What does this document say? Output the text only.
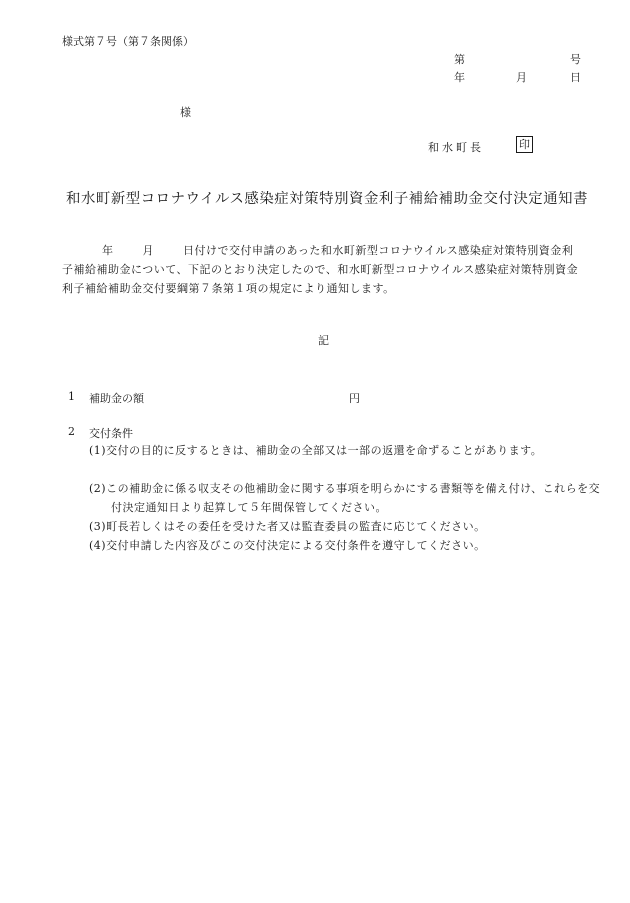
様式第７号（第７条関係）
第	号
年	月	日
様
和水町長	印
和水町新型コロナウイルス感染症対策特別資金利子補給補助金交付決定通知書
年	月	日付けで交付申請のあった和水町新型コロナウイルス感染症対策特別資金利子補給補助金について、下記のとおり決定したので、和水町新型コロナウイルス感染症対策特別資金利子補給補助金交付要綱第７条第１項の規定により通知します。
記
1 補助金の額	円
2 交付条件
(1)交付の目的に反するときは、補助金の全部又は一部の返還を命ずることがあります。
(2)この補助金に係る収支その他補助金に関する事項を明らかにする書類等を備え付け、これらを交付決定通知日より起算して５年間保管してください。
(3)町長若しくはその委任を受けた者又は監査委員の監査に応じてください。
(4)交付申請した内容及びこの交付決定による交付条件を遵守してください。
